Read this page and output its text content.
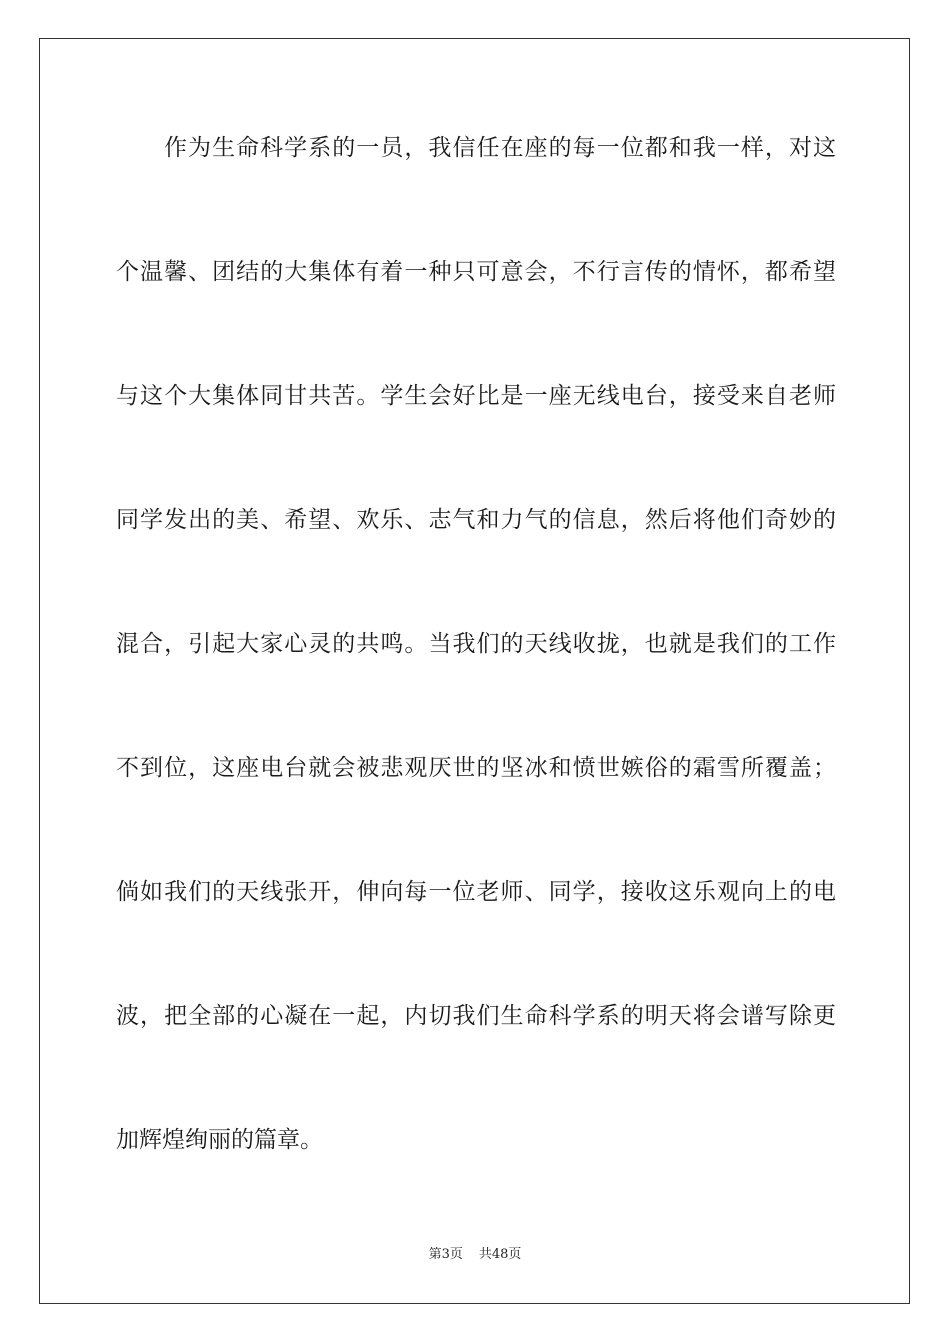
作为生命科学系的一员，我信任在座的每一位都和我一样，对这
个温馨、团结的大集体有着一种只可意会，不行言传的情怀，都希望
与这个大集体同甘共苦。学生会好比是一座无线电台，接受来自老师
同学发出的美、希望、欢乐、志气和力气的信息，然后将他们奇妙的
混合，引起大家心灵的共鸣。当我们的天线收拢，也就是我们的工作
不到位，这座电台就会被悲观厌世的坚冰和愤世嫉俗的霜雪所覆盖；
倘如我们的天线张开，伸向每一位老师、同学，接收这乐观向上的电
波，把全部的心凝在一起，内切我们生命科学系的明天将会谱写除更
加辉煌绚丽的篇章。
第3页 共48页
